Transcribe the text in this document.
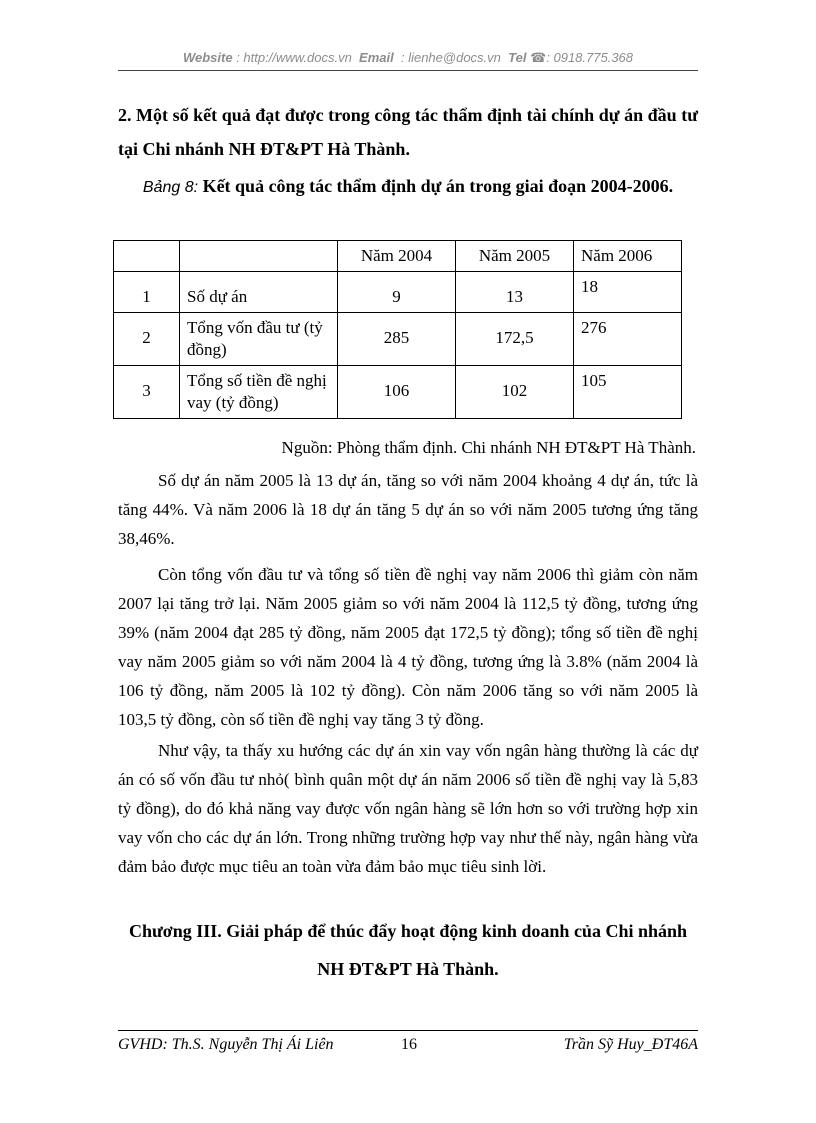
Website : http://www.docs.vn Email : lienhe@docs.vn Tel ☎: 0918.775.368
2. Một số kết quả đạt được trong công tác thẩm định tài chính dự án đầu tư tại Chi nhánh NH ĐT&PT Hà Thành.
Bảng 8: Kết quả công tác thẩm định dự án trong giai đoạn 2004-2006.
		Năm 2004	Năm 2005	Năm 2006
1	Số dự án	9	13	18
2	Tổng vốn đầu tư (tỷ đồng)	285	172,5	276
3	Tổng số tiền đề nghị vay (tỷ đồng)	106	102	105
Nguồn: Phòng thẩm định. Chi nhánh NH ĐT&PT Hà Thành.

Số dự án năm 2005 là 13 dự án, tăng so với năm 2004 khoảng 4 dự án, tức là tăng 44%. Và năm 2006 là 18 dự án tăng 5 dự án so với năm 2005 tương ứng tăng 38,46%.

Còn tổng vốn đầu tư và tổng số tiền đề nghị vay năm 2006 thì giảm còn năm 2007 lại tăng trở lại. Năm 2005 giảm so với năm 2004 là 112,5 tỷ đồng, tương ứng 39% (năm 2004 đạt 285 tỷ đồng, năm 2005 đạt 172,5 tỷ đồng); tổng số tiền đề nghị vay năm 2005 giảm so với năm 2004 là 4 tỷ đồng, tương ứng là 3.8% (năm 2004 là 106 tỷ đồng, năm 2005 là 102 tỷ đồng). Còn năm 2006 tăng so với năm 2005 là 103,5 tỷ đồng, còn số tiền đề nghị vay tăng 3 tỷ đồng.

Như vậy, ta thấy xu hướng các dự án xin vay vốn ngân hàng thường là các dự án có số vốn đầu tư nhỏ( bình quân một dự án năm 2006 số tiền đề nghị vay là 5,83 tỷ đồng), do đó khả năng vay được vốn ngân hàng sẽ lớn hơn so với trường hợp xin vay vốn cho các dự án lớn. Trong những trường hợp vay như thế này, ngân hàng vừa đảm bảo được mục tiêu an toàn vừa đảm bảo mục tiêu sinh lời.

Chương III. Giải pháp để thúc đẩy hoạt động kinh doanh của Chi nhánh NH ĐT&PT Hà Thành.
GVHD: Th.S. Nguyễn Thị Ái Liên	16	Trần Sỹ Huy_ĐT46A
